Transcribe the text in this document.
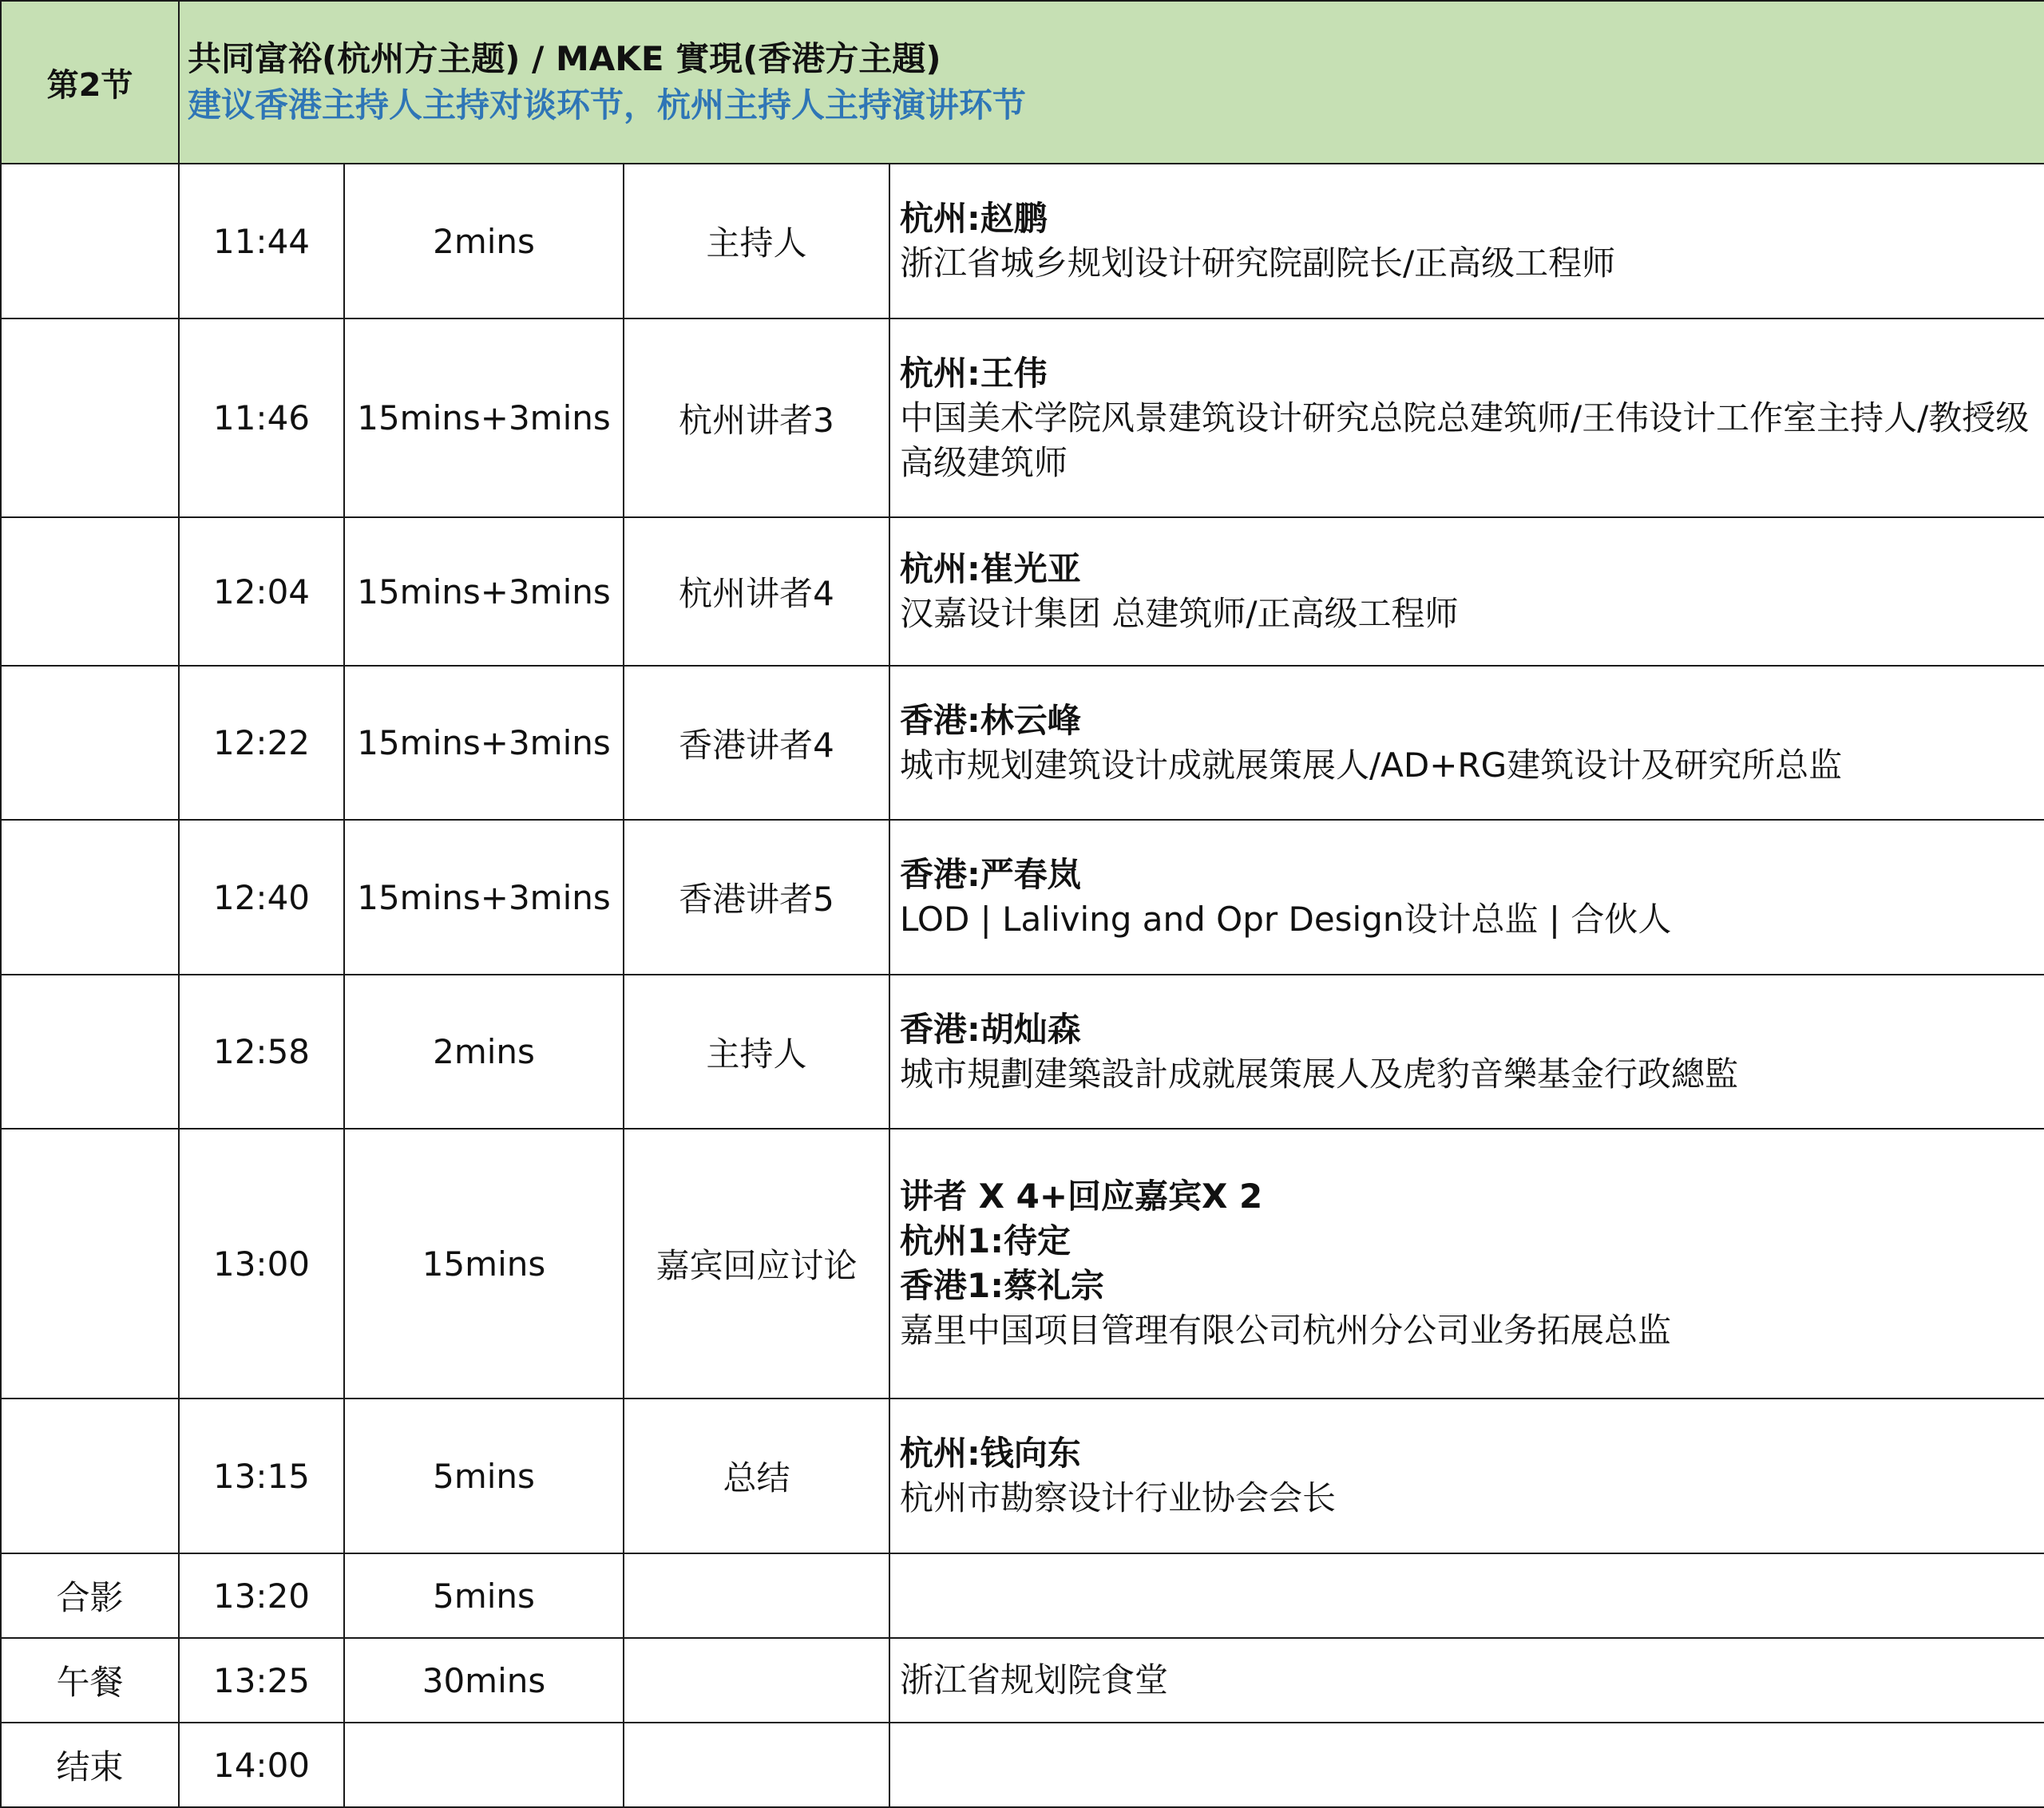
第2节	共同富裕(杭州方主题) / MAKE 實現(香港方主題)
建议香港主持人主持对谈环节，杭州主持人主持演讲环节			

	11:44	2mins	主持人	杭州:赵鹏
浙江省城乡规划设计研究院副院长/正高级工程师

	11:46	15mins+3mins	杭州讲者3	杭州:王伟
中国美术学院风景建筑设计研究总院总建筑师/王伟设计工作室主持人/教授级高级建筑师

	12:04	15mins+3mins	杭州讲者4	杭州:崔光亚
汉嘉设计集团 总建筑师/正高级工程师

	12:22	15mins+3mins	香港讲者4	香港:林云峰
城市规划建筑设计成就展策展人/AD+RG建筑设计及研究所总监

	12:40	15mins+3mins	香港讲者5	香港:严春岚
LOD | Laliving and Opr Design设计总监 | 合伙人

	12:58	2mins	主持人	香港:胡灿森
城市規劃建築設計成就展策展人及虎豹音樂基金行政總監

	13:00	15mins	嘉宾回应讨论	讲者 X 4+回应嘉宾X 2
杭州1:待定
香港1:蔡礼宗
嘉里中国项目管理有限公司杭州分公司业务拓展总监

	13:15	5mins	总结	杭州:钱向东
杭州市勘察设计行业协会会长

合影	13:20	5mins		

午餐	13:25	30mins		浙江省规划院食堂

结束	14:00			
